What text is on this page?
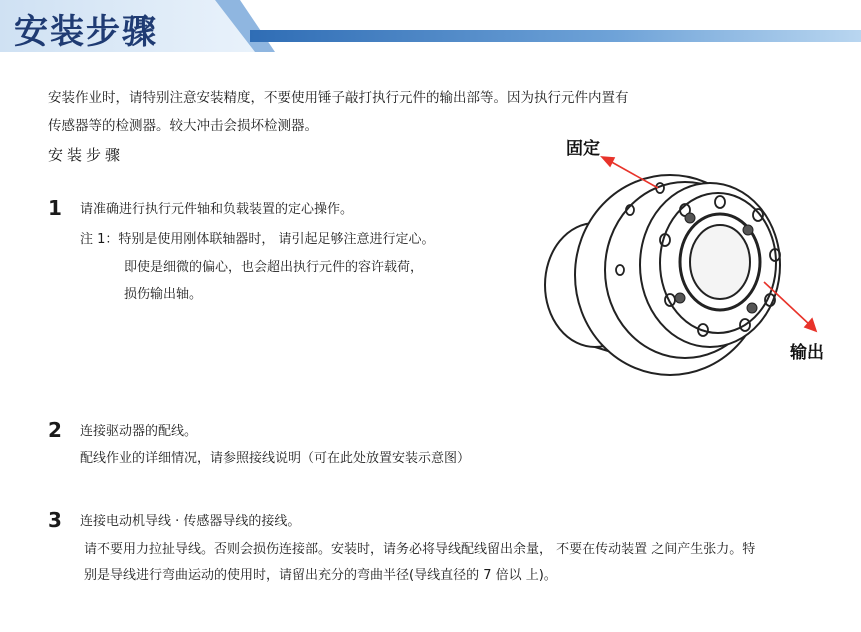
安装步骤
安装作业时，请特别注意安装精度，不要使用锤子敲打执行元件的输出部等。因为执行元件内置有
传感器等的检测器。较大冲击会损坏检测器。
安装步骤
1 请准确进行执行元件轴和负载装置的定心操作。
注 1：特别是使用刚体联轴器时， 请引起足够注意进行定心。
即使是细微的偏心，也会超出执行元件的容许载荷，
损伤输出轴。
2 连接驱动器的配线。
配线作业的详细情况，请参照接线说明（可在此处放置安装示意图）
3 连接电动机导线 · 传感器导线的接线。
请不要用力拉扯导线。否则会损伤连接部。安装时，请务必将导线配线留出余量， 不要在传动装置 之间产生张力。特
别是导线进行弯曲运动的使用时，请留出充分的弯曲半径(导线直径的 7 倍以 上)。
固定
输出
